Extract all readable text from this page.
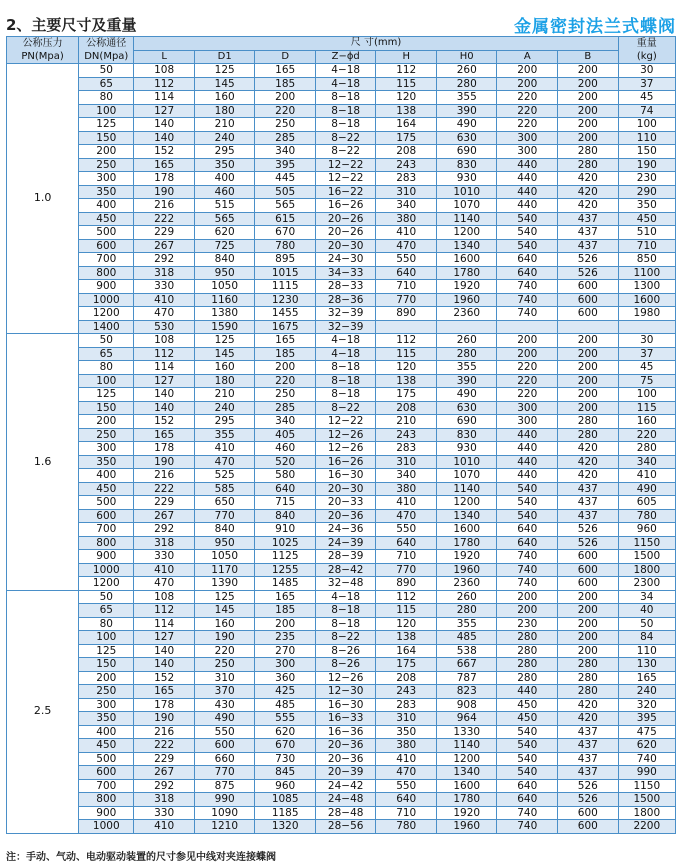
2、主要尺寸及重量	金属密封法兰式蝶阀
公称压力
PN(Mpa)	公称通径
DN(Mpa)	尺 寸(mm)								重量
(kg)
		L	D1	D	Z−ϕd	H	H0	A	B	
1.0	50	108	125	165	4−18	112	260	200	200	30
	65	112	145	185	4−18	115	280	200	200	37
	80	114	160	200	8−18	120	355	220	200	45
	100	127	180	220	8−18	138	390	220	200	74
	125	140	210	250	8−18	164	490	220	200	100
	150	140	240	285	8−22	175	630	300	200	110
	200	152	295	340	8−22	208	690	300	280	150
	250	165	350	395	12−22	243	830	440	280	190
	300	178	400	445	12−22	283	930	440	420	230
	350	190	460	505	16−22	310	1010	440	420	290
	400	216	515	565	16−26	340	1070	440	420	350
	450	222	565	615	20−26	380	1140	540	437	450
	500	229	620	670	20−26	410	1200	540	437	510
	600	267	725	780	20−30	470	1340	540	437	710
	700	292	840	895	24−30	550	1600	640	526	850
	800	318	950	1015	34−33	640	1780	640	526	1100
	900	330	1050	1115	28−33	710	1920	740	600	1300
	1000	410	1160	1230	28−36	770	1960	740	600	1600
	1200	470	1380	1455	32−39	890	2360	740	600	1980
	1400	530	1590	1675	32−39					
1.6	50	108	125	165	4−18	112	260	200	200	30
	65	112	145	185	4−18	115	280	200	200	37
	80	114	160	200	8−18	120	355	220	200	45
	100	127	180	220	8−18	138	390	220	200	75
	125	140	210	250	8−18	175	490	220	200	100
	150	140	240	285	8−22	208	630	300	200	115
	200	152	295	340	12−22	210	690	300	280	160
	250	165	355	405	12−26	243	830	440	280	220
	300	178	410	460	12−26	283	930	440	420	280
	350	190	470	520	16−26	310	1010	440	420	340
	400	216	525	580	16−30	340	1070	440	420	410
	450	222	585	640	20−30	380	1140	540	437	490
	500	229	650	715	20−33	410	1200	540	437	605
	600	267	770	840	20−36	470	1340	540	437	780
	700	292	840	910	24−36	550	1600	640	526	960
	800	318	950	1025	24−39	640	1780	640	526	1150
	900	330	1050	1125	28−39	710	1920	740	600	1500
	1000	410	1170	1255	28−42	770	1960	740	600	1800
	1200	470	1390	1485	32−48	890	2360	740	600	2300
2.5	50	108	125	165	4−18	112	260	200	200	34
	65	112	145	185	8−18	115	280	200	200	40
	80	114	160	200	8−18	120	355	230	200	50
	100	127	190	235	8−22	138	485	280	200	84
	125	140	220	270	8−26	164	538	280	200	110
	150	140	250	300	8−26	175	667	280	280	130
	200	152	310	360	12−26	208	787	280	280	165
	250	165	370	425	12−30	243	823	440	280	240
	300	178	430	485	16−30	283	908	450	420	320
	350	190	490	555	16−33	310	964	450	420	395
	400	216	550	620	16−36	350	1330	540	437	475
	450	222	600	670	20−36	380	1140	540	437	620
	500	229	660	730	20−36	410	1200	540	437	740
	600	267	770	845	20−39	470	1340	540	437	990
	700	292	875	960	24−42	550	1600	640	526	1150
	800	318	990	1085	24−48	640	1780	640	526	1500
	900	330	1090	1185	28−48	710	1920	740	600	1800
	1000	410	1210	1320	28−56	780	1960	740	600	2200
注：手动、气动、电动驱动装置的尺寸参见中线对夹连接蝶阀
